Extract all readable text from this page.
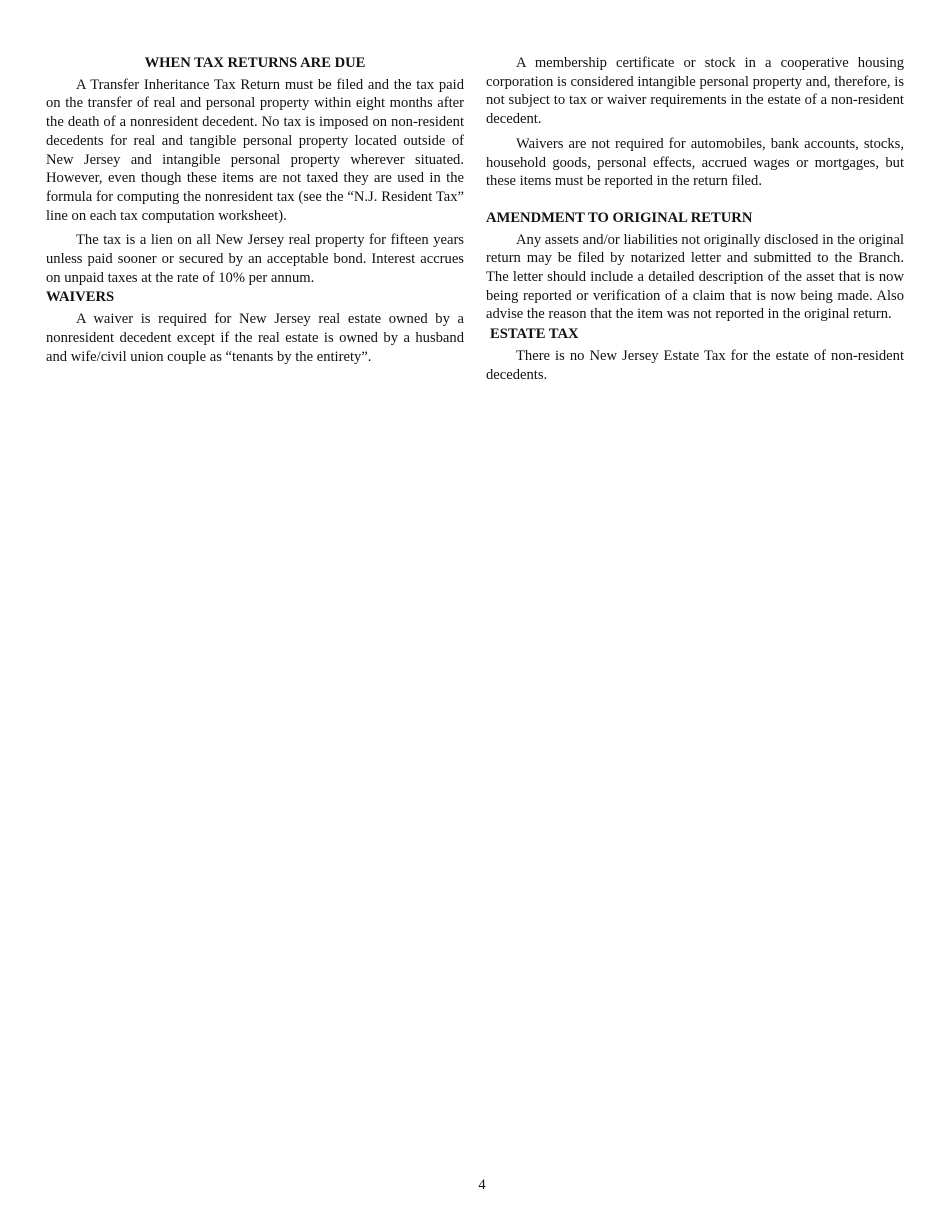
WHEN TAX RETURNS ARE DUE

A Transfer Inheritance Tax Return must be filed and the tax paid on the transfer of real and personal property within eight months after the death of a nonresident decedent. No tax is imposed on non-resident decedents for real and tangible personal property located outside of New Jersey and intangible personal property wherever situated. However, even though these items are not taxed they are used in the formula for computing the nonresident tax (see the “N.J. Resident Tax” line on each tax computation worksheet).

The tax is a lien on all New Jersey real property for fifteen years unless paid sooner or secured by an acceptable bond. Interest accrues on unpaid taxes at the rate of 10% per annum.

WAIVERS

A waiver is required for New Jersey real estate owned by a nonresident decedent except if the real estate is owned by a husband and wife/civil union couple as “tenants by the entirety”.

A membership certificate or stock in a cooperative housing corporation is considered intangible personal property and, therefore, is not subject to tax or waiver requirements in the estate of a non-resident decedent.

Waivers are not required for automobiles, bank accounts, stocks, household goods, personal effects, accrued wages or mortgages, but these items must be reported in the return filed.

AMENDMENT TO ORIGINAL RETURN

Any assets and/or liabilities not originally disclosed in the original return may be filed by notarized letter and submitted to the Branch. The letter should include a detailed description of the asset that is now being reported or verification of a claim that is now being made. Also advise the reason that the item was not reported in the original return.

ESTATE TAX

There is no New Jersey Estate Tax for the estate of non-resident decedents.

4
